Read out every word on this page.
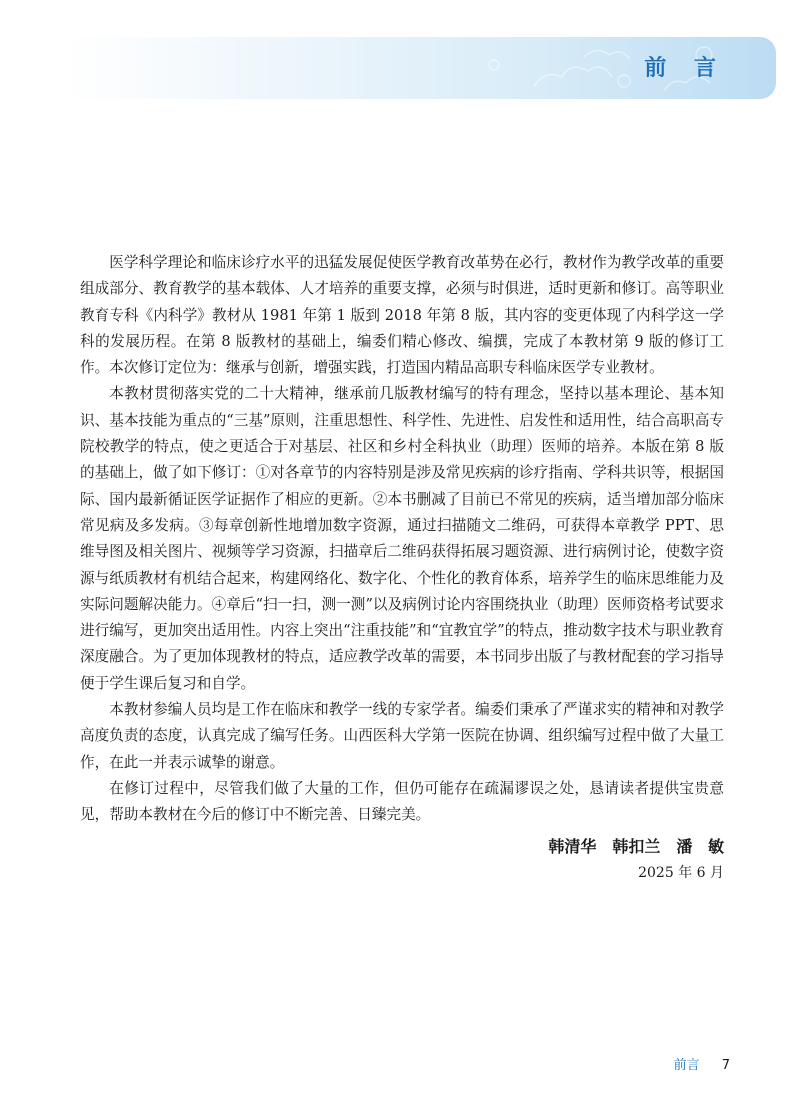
前 言

医学科学理论和临床诊疗水平的迅猛发展促使医学教育改革势在必行，教材作为教学改革的重要组成部分、教育教学的基本载体、人才培养的重要支撑，必须与时俱进，适时更新和修订。高等职业教育专科《内科学》教材从 1981 年第 1 版到 2018 年第 8 版，其内容的变更体现了内科学这一学科的发展历程。在第 8 版教材的基础上，编委们精心修改、编撰，完成了本教材第 9 版的修订工作。本次修订定位为：继承与创新，增强实践，打造国内精品高职专科临床医学专业教材。

本教材贯彻落实党的二十大精神，继承前几版教材编写的特有理念，坚持以基本理论、基本知识、基本技能为重点的“三基”原则，注重思想性、科学性、先进性、启发性和适用性，结合高职高专院校教学的特点，使之更适合于对基层、社区和乡村全科执业（助理）医师的培养。本版在第 8 版的基础上，做了如下修订：①对各章节的内容特别是涉及常见疾病的诊疗指南、学科共识等，根据国际、国内最新循证医学证据作了相应的更新。②本书删减了目前已不常见的疾病，适当增加部分临床常见病及多发病。③每章创新性地增加数字资源，通过扫描随文二维码，可获得本章教学 PPT、思维导图及相关图片、视频等学习资源，扫描章后二维码获得拓展习题资源、进行病例讨论，使数字资源与纸质教材有机结合起来，构建网络化、数字化、个性化的教育体系，培养学生的临床思维能力及实际问题解决能力。④章后“扫一扫，测一测”以及病例讨论内容围绕执业（助理）医师资格考试要求进行编写，更加突出适用性。内容上突出“注重技能”和“宜教宜学”的特点，推动数字技术与职业教育深度融合。为了更加体现教材的特点，适应教学改革的需要，本书同步出版了与教材配套的学习指导便于学生课后复习和自学。

本教材参编人员均是工作在临床和教学一线的专家学者。编委们秉承了严谨求实的精神和对教学高度负责的态度，认真完成了编写任务。山西医科大学第一医院在协调、组织编写过程中做了大量工作，在此一并表示诚挚的谢意。

在修订过程中，尽管我们做了大量的工作，但仍可能存在疏漏谬误之处，恳请读者提供宝贵意见，帮助本教材在今后的修订中不断完善、日臻完美。

韩清华　韩扣兰　潘 敏
2025 年 6 月
前言 7
